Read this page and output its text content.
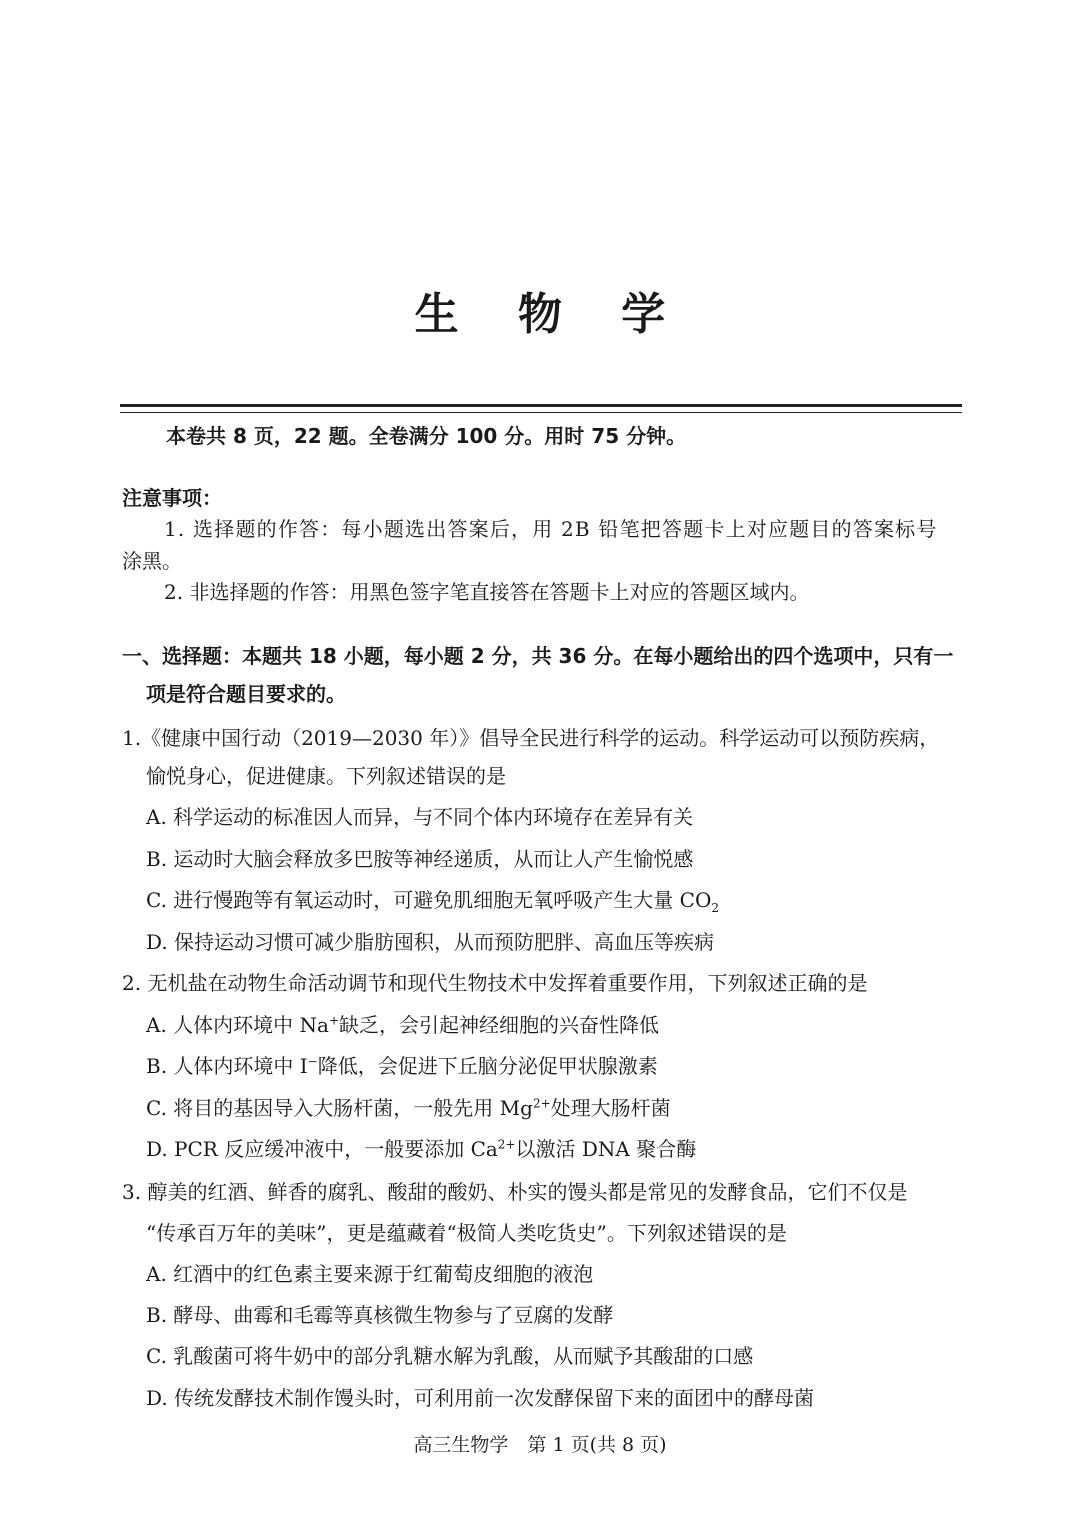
生 物 学
本卷共 8 页，22 题。全卷满分 100 分。用时 75 分钟。
注意事项：
1. 选择题的作答：每小题选出答案后，用 2B 铅笔把答题卡上对应题目的答案标号
涂黑。
2. 非选择题的作答：用黑色签字笔直接答在答题卡上对应的答题区域内。
一、选择题：本题共 18 小题，每小题 2 分，共 36 分。在每小题给出的四个选项中，只有一
项是符合题目要求的。
1.《健康中国行动（2019—2030 年）》倡导全民进行科学的运动。科学运动可以预防疾病，
愉悦身心，促进健康。下列叙述错误的是
A. 科学运动的标准因人而异，与不同个体内环境存在差异有关
B. 运动时大脑会释放多巴胺等神经递质，从而让人产生愉悦感
C. 进行慢跑等有氧运动时，可避免肌细胞无氧呼吸产生大量 $CO_2$
D. 保持运动习惯可减少脂肪囤积，从而预防肥胖、高血压等疾病
2. 无机盐在动物生命活动调节和现代生物技术中发挥着重要作用，下列叙述正确的是
A. 人体内环境中 Na+缺乏，会引起神经细胞的兴奋性降低
B. 人体内环境中 I−降低，会促进下丘脑分泌促甲状腺激素
C. 将目的基因导入大肠杆菌，一般先用 $Mg^{2+}$处理大肠杆菌
D. PCR 反应缓冲液中，一般要添加 $Ca^{2+}$以激活 DNA 聚合酶
3. 醇美的红酒、鲜香的腐乳、酸甜的酸奶、朴实的馒头都是常见的发酵食品，它们不仅是
“传承百万年的美味”，更是蕴藏着“极简人类吃货史”。下列叙述错误的是
A. 红酒中的红色素主要来源于红葡萄皮细胞的液泡
B. 酵母、曲霉和毛霉等真核微生物参与了豆腐的发酵
C. 乳酸菌可将牛奶中的部分乳糖水解为乳酸，从而赋予其酸甜的口感
D. 传统发酵技术制作馒头时，可利用前一次发酵保留下来的面团中的酵母菌
高三生物学　第 1 页(共 8 页)
